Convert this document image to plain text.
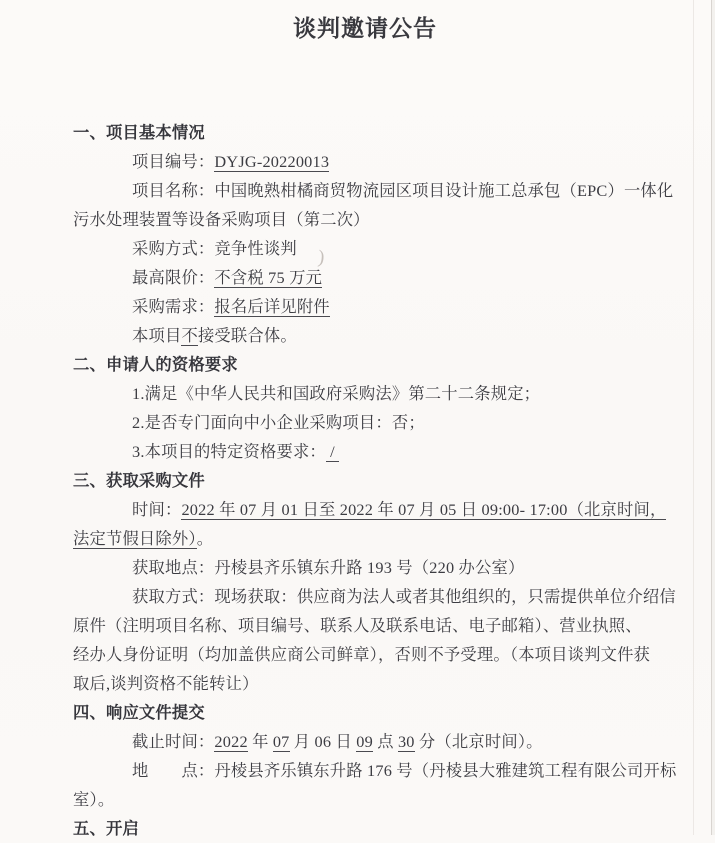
谈判邀请公告
一、项目基本情况
项目编号：DYJG-20220013
项目名称：中国晚熟柑橘商贸物流园区项目设计施工总承包（EPC）一体化
污水处理装置等设备采购项目（第二次）
采购方式：竞争性谈判
最高限价：不含税 75 万元
采购需求：报名后详见附件
本项目不接受联合体。
二、申请人的资格要求
1.满足《中华人民共和国政府采购法》第二十二条规定；
2.是否专门面向中小企业采购项目：否；
3.本项目的特定资格要求： /
三、获取采购文件
时间：2022 年 07 月 01 日至 2022 年 07 月 05 日 09:00- 17:00（北京时间，
法定节假日除外）。
获取地点：丹棱县齐乐镇东升路 193 号（220 办公室）
获取方式：现场获取：供应商为法人或者其他组织的，只需提供单位介绍信
原件（注明项目名称、项目编号、联系人及联系电话、电子邮箱）、营业执照、
经办人身份证明（均加盖供应商公司鲜章），否则不予受理。（本项目谈判文件获
取后,谈判资格不能转让）
四、响应文件提交
截止时间：2022 年 07 月 06 日 09 点 30 分（北京时间）。
地　　点：丹棱县齐乐镇东升路 176 号（丹棱县大雅建筑工程有限公司开标
室）。
五、开启
)
